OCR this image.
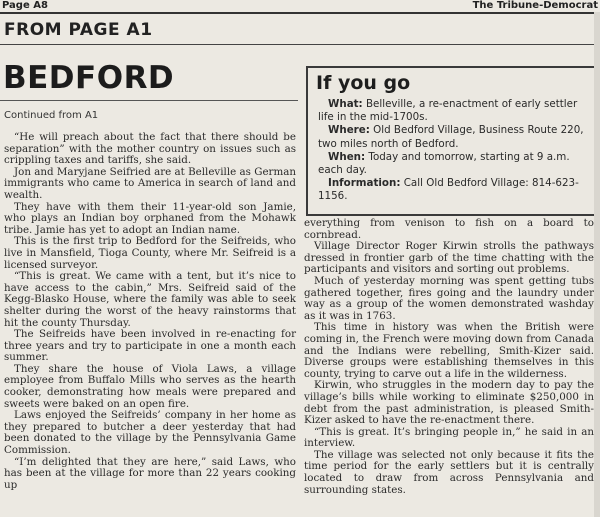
Page A8	The Tribune-Democrat
FROM PAGE A1
BEDFORD
Continued from A1

“He will preach about the fact that there should be separation” with the mother country on issues such as crippling taxes and tariffs, she said.

Jon and Maryjane Seifried are at Belleville as German immigrants who came to America in search of land and wealth.

They have with them their 11-year-old son Jamie, who plays an Indian boy orphaned from the Mohawk tribe. Jamie has yet to adopt an Indian name.

This is the first trip to Bedford for the Seifreids, who live in Mansfield, Tioga County, where Mr. Seifreid is a licensed surveyor.

“This is great. We came with a tent, but it’s nice to have access to the cabin,” Mrs. Seifreid said of the Kegg-Blasko House, where the family was able to seek shelter during the worst of the heavy rainstorms that hit the county Thursday.

The Seifreids have been involved in re-enacting for three years and try to participate in one a month each summer.

They share the house of Viola Laws, a village employee from Buffalo Mills who serves as the hearth cooker, demonstrating how meals were prepared and sweets were baked on an open fire.

Laws enjoyed the Seifreids’ company in her home as they prepared to butcher a deer yesterday that had been donated to the village by the Pennsylvania Game Commission.

“I’m delighted that they are here,” said Laws, who has been at the village for more than 22 years cooking up

If you go
What: Belleville, a re-enactment of early settler life in the mid-1700s.
Where: Old Bedford Village, Business Route 220, two miles north of Bedford.
When: Today and tomorrow, starting at 9 a.m. each day.
Information: Call Old Bedford Village: 814-623-1156.

everything from venison to fish on a board to cornbread.

Village Director Roger Kirwin strolls the pathways dressed in frontier garb of the time chatting with the participants and visitors and sorting out problems.

Much of yesterday morning was spent getting tubs gathered together, fires going and the laundry under way as a group of the women demonstrated washday as it was in 1763.

This time in history was when the British were coming in, the French were moving down from Canada and the Indians were rebelling, Smith-Kizer said. Diverse groups were establishing themselves in this county, trying to carve out a life in the wilderness.

Kirwin, who struggles in the modern day to pay the village’s bills while working to eliminate $250,000 in debt from the past administration, is pleased Smith-Kizer asked to have the re-enactment there.

“This is great. It’s bringing people in,” he said in an interview.

The village was selected not only because it fits the time period for the early settlers but it is centrally located to draw from across Pennsylvania and surrounding states.
